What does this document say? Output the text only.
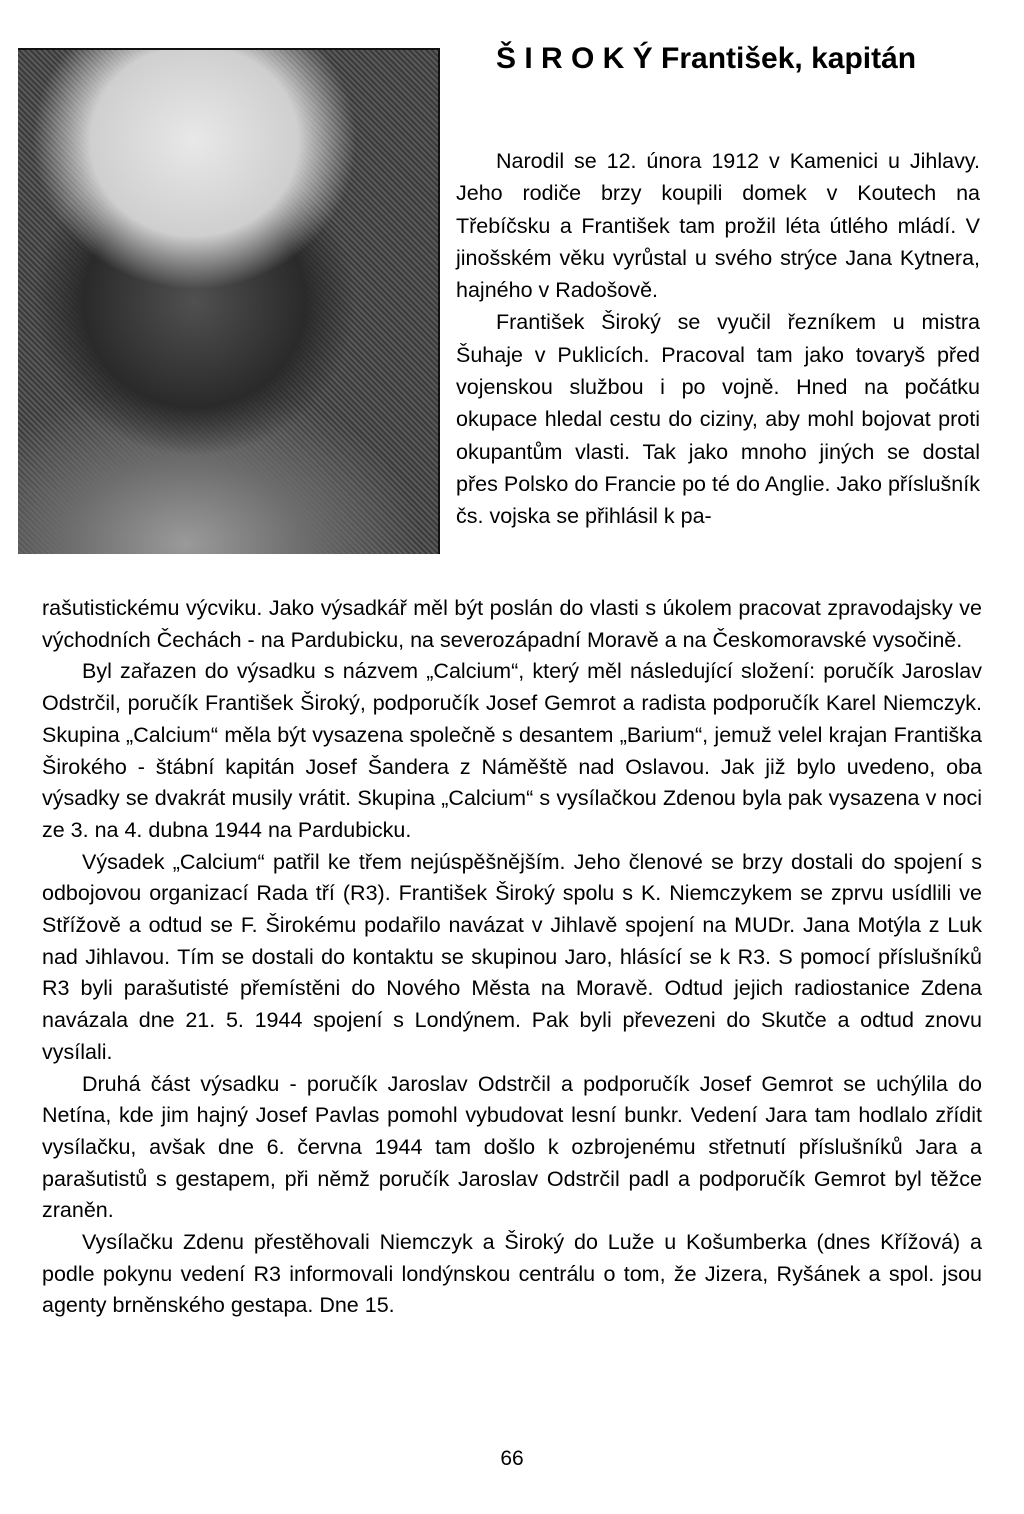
Š I R O K Ý František, kapitán

Narodil se 12. února 1912 v Kamenici u Jihlavy. Jeho rodiče brzy koupili domek v Koutech na Třebíčsku a František tam prožil léta útlého mládí. V jinošském věku vyrůstal u svého strýce Jana Kytnera, hajného v Radošově.

František Široký se vyučil řezníkem u mistra Šuhaje v Puklicích. Pracoval tam jako tovaryš před vojenskou službou i po vojně. Hned na počátku okupace hledal cestu do ciziny, aby mohl bojovat proti okupantům vlasti. Tak jako mnoho jiných se dostal přes Polsko do Francie po té do Anglie. Jako příslušník čs. vojska se přihlásil k pa-

rašutistickému výcviku. Jako výsadkář měl být poslán do vlasti s úkolem pracovat zpravodajsky ve východních Čechách - na Pardubicku, na severozápadní Moravě a na Českomoravské vysočině.

Byl zařazen do výsadku s názvem „Calcium“, který měl následující složení: poručík Jaroslav Odstrčil, poručík František Široký, podporučík Josef Gemrot a radista podporučík Karel Niemczyk. Skupina „Calcium“ měla být vysazena společně s desantem „Barium“, jemuž velel krajan Františka Širokého - štábní kapitán Josef Šandera z Náměště nad Oslavou. Jak již bylo uvedeno, oba výsadky se dvakrát musily vrátit. Skupina „Calcium“ s vysílačkou Zdenou byla pak vysazena v noci ze 3. na 4. dubna 1944 na Pardubicku.

Výsadek „Calcium“ patřil ke třem nejúspěšnějším. Jeho členové se brzy dostali do spojení s odbojovou organizací Rada tří (R3). František Široký spolu s K. Niemczykem se zprvu usídlili ve Střížově a odtud se F. Širokému podařilo navázat v Jihlavě spojení na MUDr. Jana Motýla z Luk nad Jihlavou. Tím se dostali do kontaktu se skupinou Jaro, hlásící se k R3. S pomocí příslušníků R3 byli parašutisté přemístěni do Nového Města na Moravě. Odtud jejich radiostanice Zdena navázala dne 21. 5. 1944 spojení s Londýnem. Pak byli převezeni do Skutče a odtud znovu vysílali.

Druhá část výsadku - poručík Jaroslav Odstrčil a podporučík Josef Gemrot se uchýlila do Netína, kde jim hajný Josef Pavlas pomohl vybudovat lesní bunkr. Vedení Jara tam hodlalo zřídit vysílačku, avšak dne 6. června 1944 tam došlo k ozbrojenému střetnutí příslušníků Jara a parašutistů s gestapem, při němž poručík Jaroslav Odstrčil padl a podporučík Gemrot byl těžce zraněn.

Vysílačku Zdenu přestěhovali Niemczyk a Široký do Lužе u Košumberka (dnes Křížová) a podle pokynu vedení R3 informovali londýnskou centrálu o tom, že Jizera, Ryšánek a spol. jsou agenty brněnského gestapa. Dne 15.

66
